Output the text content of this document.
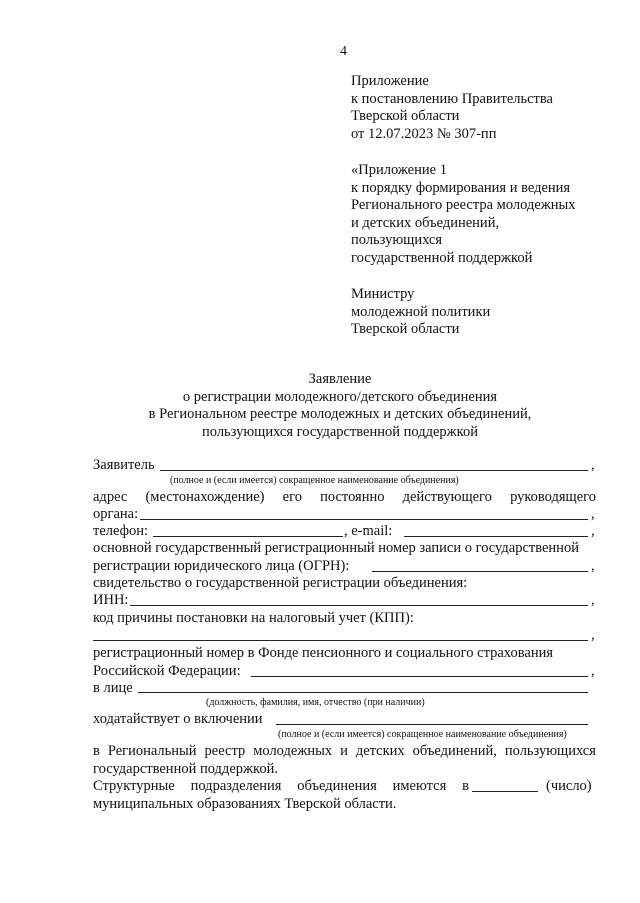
4
Приложение
к постановлению Правительства
Тверской области
от 12.07.2023 № 307-пп
«Приложение 1
к порядку формирования и ведения
Регионального реестра молодежных
и детских объединений,
пользующихся
государственной поддержкой
Министру
молодежной политики
Тверской области
Заявление
о регистрации молодежного/детского объединения
в Региональном реестре молодежных и детских объединений,
пользующихся государственной поддержкой
Заявитель	,
(полное и (если имеется) сокращенное наименование объединения)
адрес (местонахождение) его постоянно действующего руководящего
органа:	,
телефон:	, e-mail:	,
основной государственный регистрационный номер записи о государственной
регистрации юридического лица (ОГРН):	,
свидетельство о государственной регистрации объединения:
ИНН:	,
код причины постановки на налоговый учет (КПП):
,
регистрационный номер в Фонде пенсионного и социального страхования
Российской Федерации:	,
в лице
(должность, фамилия, имя, отчество (при наличии)
ходатайствует о включении
(полное и (если имеется) сокращенное наименование объединения)
в Региональный реестр молодежных и детских объединений, пользующихся
государственной поддержкой.
Структурные подразделения объединения имеются в	(число)
муниципальных образованиях Тверской области.
